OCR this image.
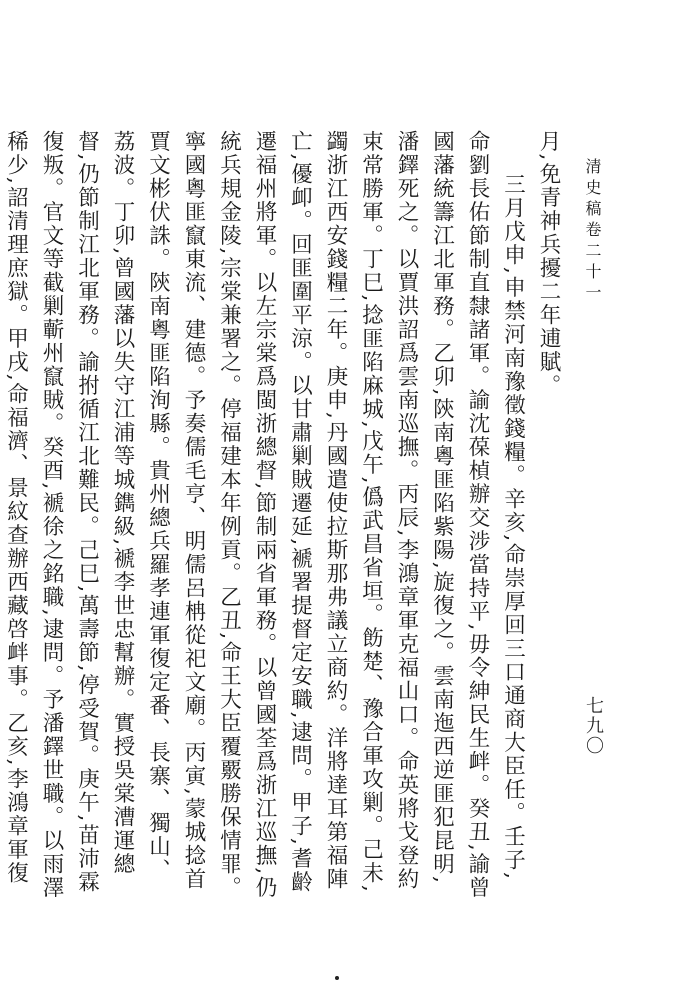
清史稿卷二十一
七九〇

月,免青神兵擾二年逋賦。

三月戊申,申禁河南豫徵錢糧。辛亥,命崇厚回三口通商大臣任。壬子,命劉長佑節制直隸諸軍。諭沈葆楨辦交涉當持平,毋令紳民生衅。癸丑,諭曾國藩統籌江北軍務。乙卯,陝南粵匪陷紫陽,旋復之。雲南迤西逆匪犯昆明,潘鐸死之。以賈洪詔爲雲南巡撫。丙辰,李鴻章軍克福山口。命英將戈登約束常勝軍。丁巳,捻匪陷麻城,戊午,僞武昌省垣。飭楚、豫合軍攻剿。己未,蠲浙江西安錢糧二年。庚申,丹國遣使拉斯那弗議立商約。洋將達耳第福陣亡,優卹。回匪圍平涼。以甘肅剿賊遷延,褫署提督定安職,逮問。甲子,耆齡遷福州將軍。以左宗棠爲閩浙總督,節制兩省軍務。以曾國荃爲浙江巡撫,仍統兵規金陵,宗棠兼署之。停福建本年例貢。乙丑,命王大臣覆覈勝保情罪。寧國粵匪竄東流、建德。予奏儒毛亨、明儒呂柟從祀文廟。丙寅,蒙城捻首賈文彬伏誅。陝南粵匪陷洵縣。貴州總兵羅孝連軍復定番、長寨、獨山、荔波。丁卯,曾國藩以失守江浦等城鐫級,褫李世忠幫辦。實授吳棠漕運總督,仍節制江北軍務。諭拊循江北難民。己巳,萬壽節,停受賀。庚午,苗沛霖復叛。官文等截剿蘄州竄賊。癸酉,褫徐之銘職,逮問。予潘鐸世職。以雨澤稀少,詔清理庶獄。甲戌,命福濟、景紋查辦西藏啓衅事。乙亥,李鴻章軍復
